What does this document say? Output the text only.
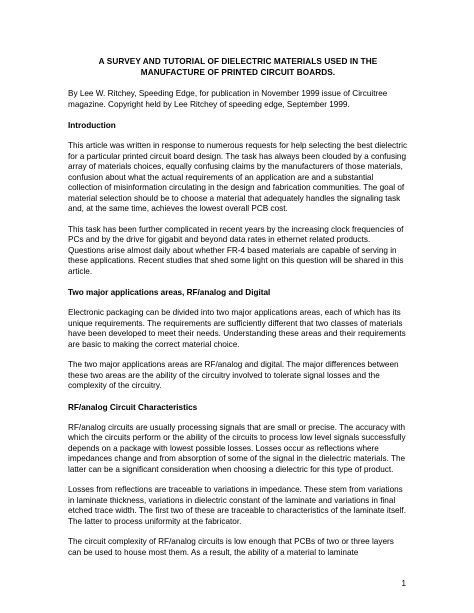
A SURVEY AND TUTORIAL OF DIELECTRIC MATERIALS USED IN THE
MANUFACTURE OF PRINTED CIRCUIT BOARDS.

By Lee W. Ritchey, Speeding Edge, for publication in November 1999 issue of Circuitree magazine. Copyright held by Lee Ritchey of speeding edge, September 1999.

Introduction

This article was written in response to numerous requests for help selecting the best dielectric for a particular printed circuit board design. The task has always been clouded by a confusing array of materials choices, equally confusing claims by the manufacturers of those materials, confusion about what the actual requirements of an application are and a substantial collection of misinformation circulating in the design and fabrication communities. The goal of material selection should be to choose a material that adequately handles the signaling task and, at the same time, achieves the lowest overall PCB cost.

This task has been further complicated in recent years by the increasing clock frequencies of PCs and by the drive for gigabit and beyond data rates in ethernet related products. Questions arise almost daily about whether FR-4 based materials are capable of serving in these applications. Recent studies that shed some light on this question will be shared in this article.

Two major applications areas, RF/analog and Digital

Electronic packaging can be divided into two major applications areas, each of which has its unique requirements. The requirements are sufficiently different that two classes of materials have been developed to meet their needs. Understanding these areas and their requirements are basic to making the correct material choice.

The two major applications areas are RF/analog and digital. The major differences between these two areas are the ability of the circuitry involved to tolerate signal losses and the complexity of the circuitry.

RF/analog Circuit Characteristics

RF/analog circuits are usually processing signals that are small or precise. The accuracy with which the circuits perform or the ability of the circuits to process low level signals successfully depends on a package with lowest possible losses. Losses occur as reflections where impedances change and from absorption of some of the signal in the dielectric materials. The latter can be a significant consideration when choosing a dielectric for this type of product.

Losses from reflections are traceable to variations in impedance. These stem from variations in laminate thickness, variations in dielectric constant of the laminate and variations in final etched trace width. The first two of these are traceable to characteristics of the laminate itself. The latter to process uniformity at the fabricator.

The circuit complexity of RF/analog circuits is low enough that PCBs of two or three layers can be used to house most them. As a result, the ability of a material to laminate

1
